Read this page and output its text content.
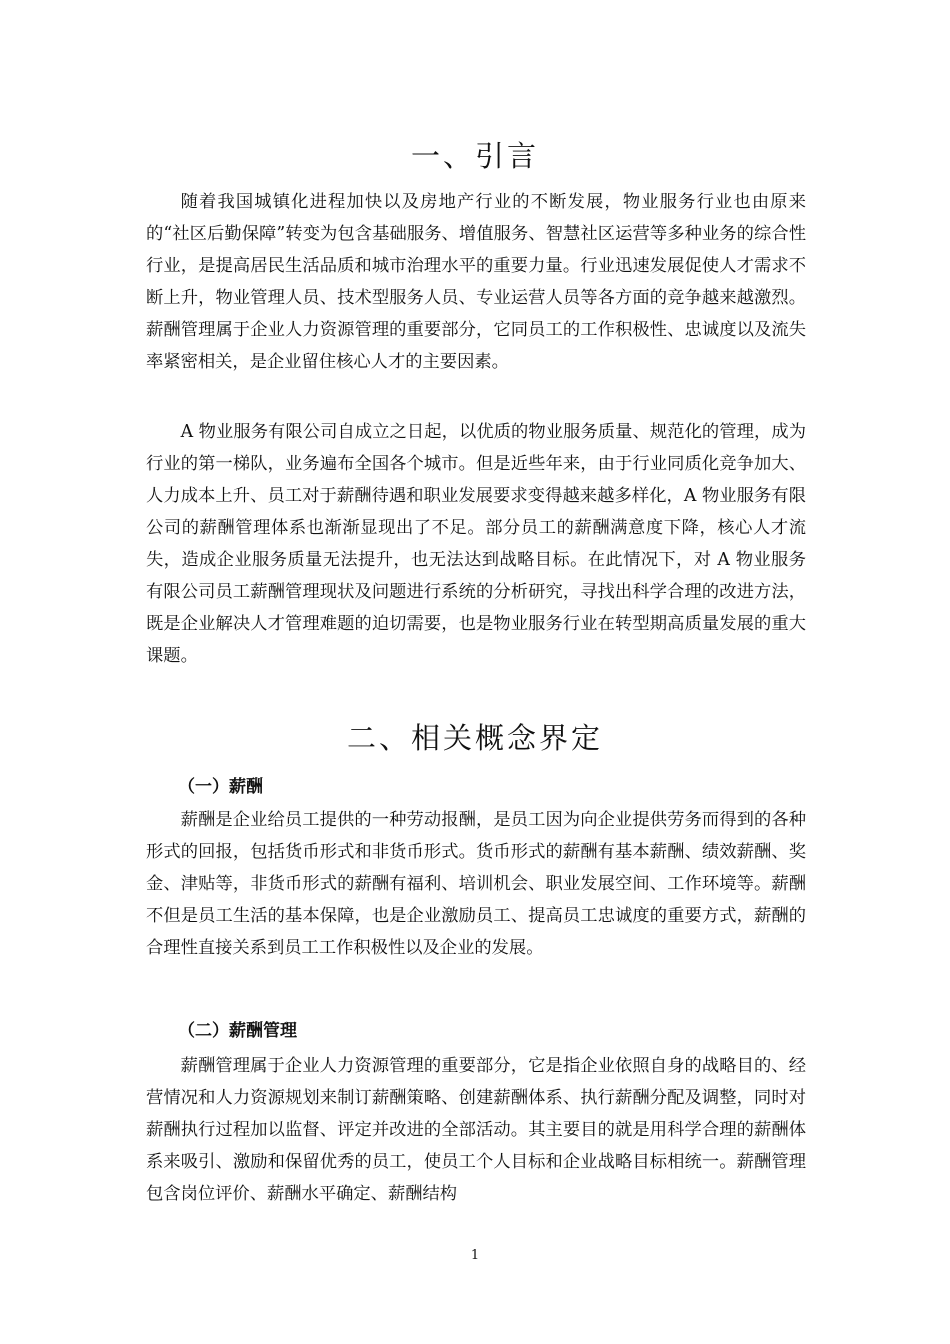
一、引言

随着我国城镇化进程加快以及房地产行业的不断发展，物业服务行业也由原来的“社区后勤保障”转变为包含基础服务、增值服务、智慧社区运营等多种业务的综合性行业，是提高居民生活品质和城市治理水平的重要力量。行业迅速发展促使人才需求不断上升，物业管理人员、技术型服务人员、专业运营人员等各方面的竞争越来越激烈。薪酬管理属于企业人力资源管理的重要部分，它同员工的工作积极性、忠诚度以及流失率紧密相关，是企业留住核心人才的主要因素。

A 物业服务有限公司自成立之日起，以优质的物业服务质量、规范化的管理，成为行业的第一梯队，业务遍布全国各个城市。但是近些年来，由于行业同质化竞争加大、人力成本上升、员工对于薪酬待遇和职业发展要求变得越来越多样化，A 物业服务有限公司的薪酬管理体系也渐渐显现出了不足。部分员工的薪酬满意度下降，核心人才流失，造成企业服务质量无法提升，也无法达到战略目标。在此情况下，对 A 物业服务有限公司员工薪酬管理现状及问题进行系统的分析研究，寻找出科学合理的改进方法，既是企业解决人才管理难题的迫切需要，也是物业服务行业在转型期高质量发展的重大课题。

二、相关概念界定
（一）薪酬

薪酬是企业给员工提供的一种劳动报酬，是员工因为向企业提供劳务而得到的各种形式的回报，包括货币形式和非货币形式。货币形式的薪酬有基本薪酬、绩效薪酬、奖金、津贴等，非货币形式的薪酬有福利、培训机会、职业发展空间、工作环境等。薪酬不但是员工生活的基本保障，也是企业激励员工、提高员工忠诚度的重要方式，薪酬的合理性直接关系到员工工作积极性以及企业的发展。

（二）薪酬管理

薪酬管理属于企业人力资源管理的重要部分，它是指企业依照自身的战略目的、经营情况和人力资源规划来制订薪酬策略、创建薪酬体系、执行薪酬分配及调整，同时对薪酬执行过程加以监督、评定并改进的全部活动。其主要目的就是用科学合理的薪酬体系来吸引、激励和保留优秀的员工，使员工个人目标和企业战略目标相统一。薪酬管理包含岗位评价、薪酬水平确定、薪酬结构

1
